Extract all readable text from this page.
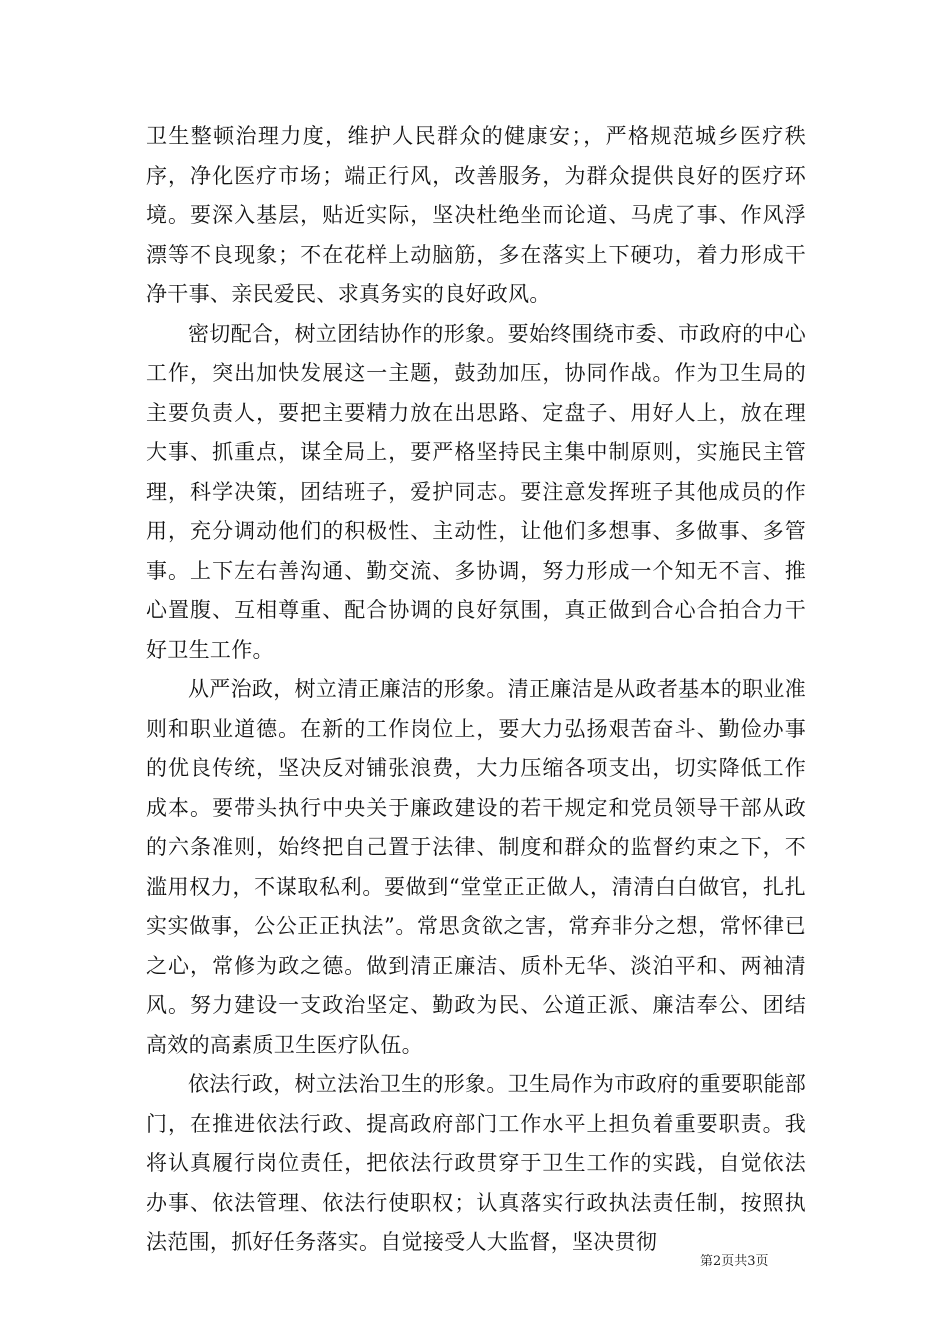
卫生整顿治理力度，维护人民群众的健康安；，严格规范城乡医疗秩序，净化医疗市场；端正行风，改善服务，为群众提供良好的医疗环境。要深入基层，贴近实际，坚决杜绝坐而论道、马虎了事、作风浮漂等不良现象；不在花样上动脑筋，多在落实上下硬功，着力形成干净干事、亲民爱民、求真务实的良好政风。

密切配合，树立团结协作的形象。要始终围绕市委、市政府的中心工作，突出加快发展这一主题，鼓劲加压，协同作战。作为卫生局的主要负责人，要把主要精力放在出思路、定盘子、用好人上，放在理大事、抓重点，谋全局上，要严格坚持民主集中制原则，实施民主管理，科学决策，团结班子，爱护同志。要注意发挥班子其他成员的作用，充分调动他们的积极性、主动性，让他们多想事、多做事、多管事。上下左右善沟通、勤交流、多协调，努力形成一个知无不言、推心置腹、互相尊重、配合协调的良好氛围，真正做到合心合拍合力干好卫生工作。

从严治政，树立清正廉洁的形象。清正廉洁是从政者基本的职业准则和职业道德。在新的工作岗位上，要大力弘扬艰苦奋斗、勤俭办事的优良传统，坚决反对铺张浪费，大力压缩各项支出，切实降低工作成本。要带头执行中央关于廉政建设的若干规定和党员领导干部从政的六条准则，始终把自己置于法律、制度和群众的监督约束之下，不滥用权力，不谋取私利。要做到“堂堂正正做人，清清白白做官，扎扎实实做事，公公正正执法”。常思贪欲之害，常弃非分之想，常怀律已之心，常修为政之德。做到清正廉洁、质朴无华、淡泊平和、两袖清风。努力建设一支政治坚定、勤政为民、公道正派、廉洁奉公、团结高效的高素质卫生医疗队伍。

依法行政，树立法治卫生的形象。卫生局作为市政府的重要职能部门，在推进依法行政、提高政府部门工作水平上担负着重要职责。我将认真履行岗位责任，把依法行政贯穿于卫生工作的实践，自觉依法办事、依法管理、依法行使职权；认真落实行政执法责任制，按照执法范围，抓好任务落实。自觉接受人大监督，坚决贯彻

第2页共3页
